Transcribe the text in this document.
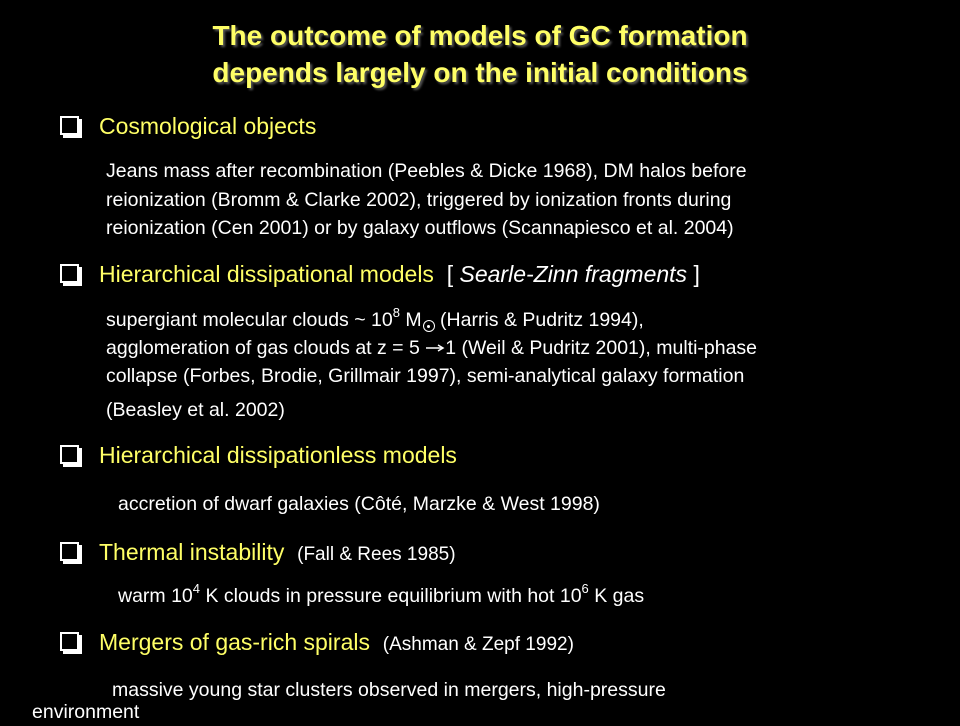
The outcome of models of GC formation
depends largely on the initial conditions
Cosmological objects
Jeans mass after recombination (Peebles & Dicke 1968), DM halos before
reionization (Bromm & Clarke 2002), triggered by ionization fronts during
reionization (Cen 2001) or by galaxy outflows (Scannapiesco et al. 2004)
Hierarchical dissipational models [ Searle-Zinn fragments ]
supergiant molecular clouds ~ $10^8$ M (Harris & Pudritz 1994),
agglomeration of gas clouds at z = 5 1 (Weil & Pudritz 2001), multi-phase
collapse (Forbes, Brodie, Grillmair 1997), semi-analytical galaxy formation
(Beasley et al. 2002)
Hierarchical dissipationless models
accretion of dwarf galaxies (Côté, Marzke & West 1998)
Thermal instability (Fall & Rees 1985)
warm $10^4$ K clouds in pressure equilibrium with hot $10^6$ K gas
Mergers of gas-rich spirals (Ashman & Zepf 1992)
massive young star clusters observed in mergers, high-pressure
environment
